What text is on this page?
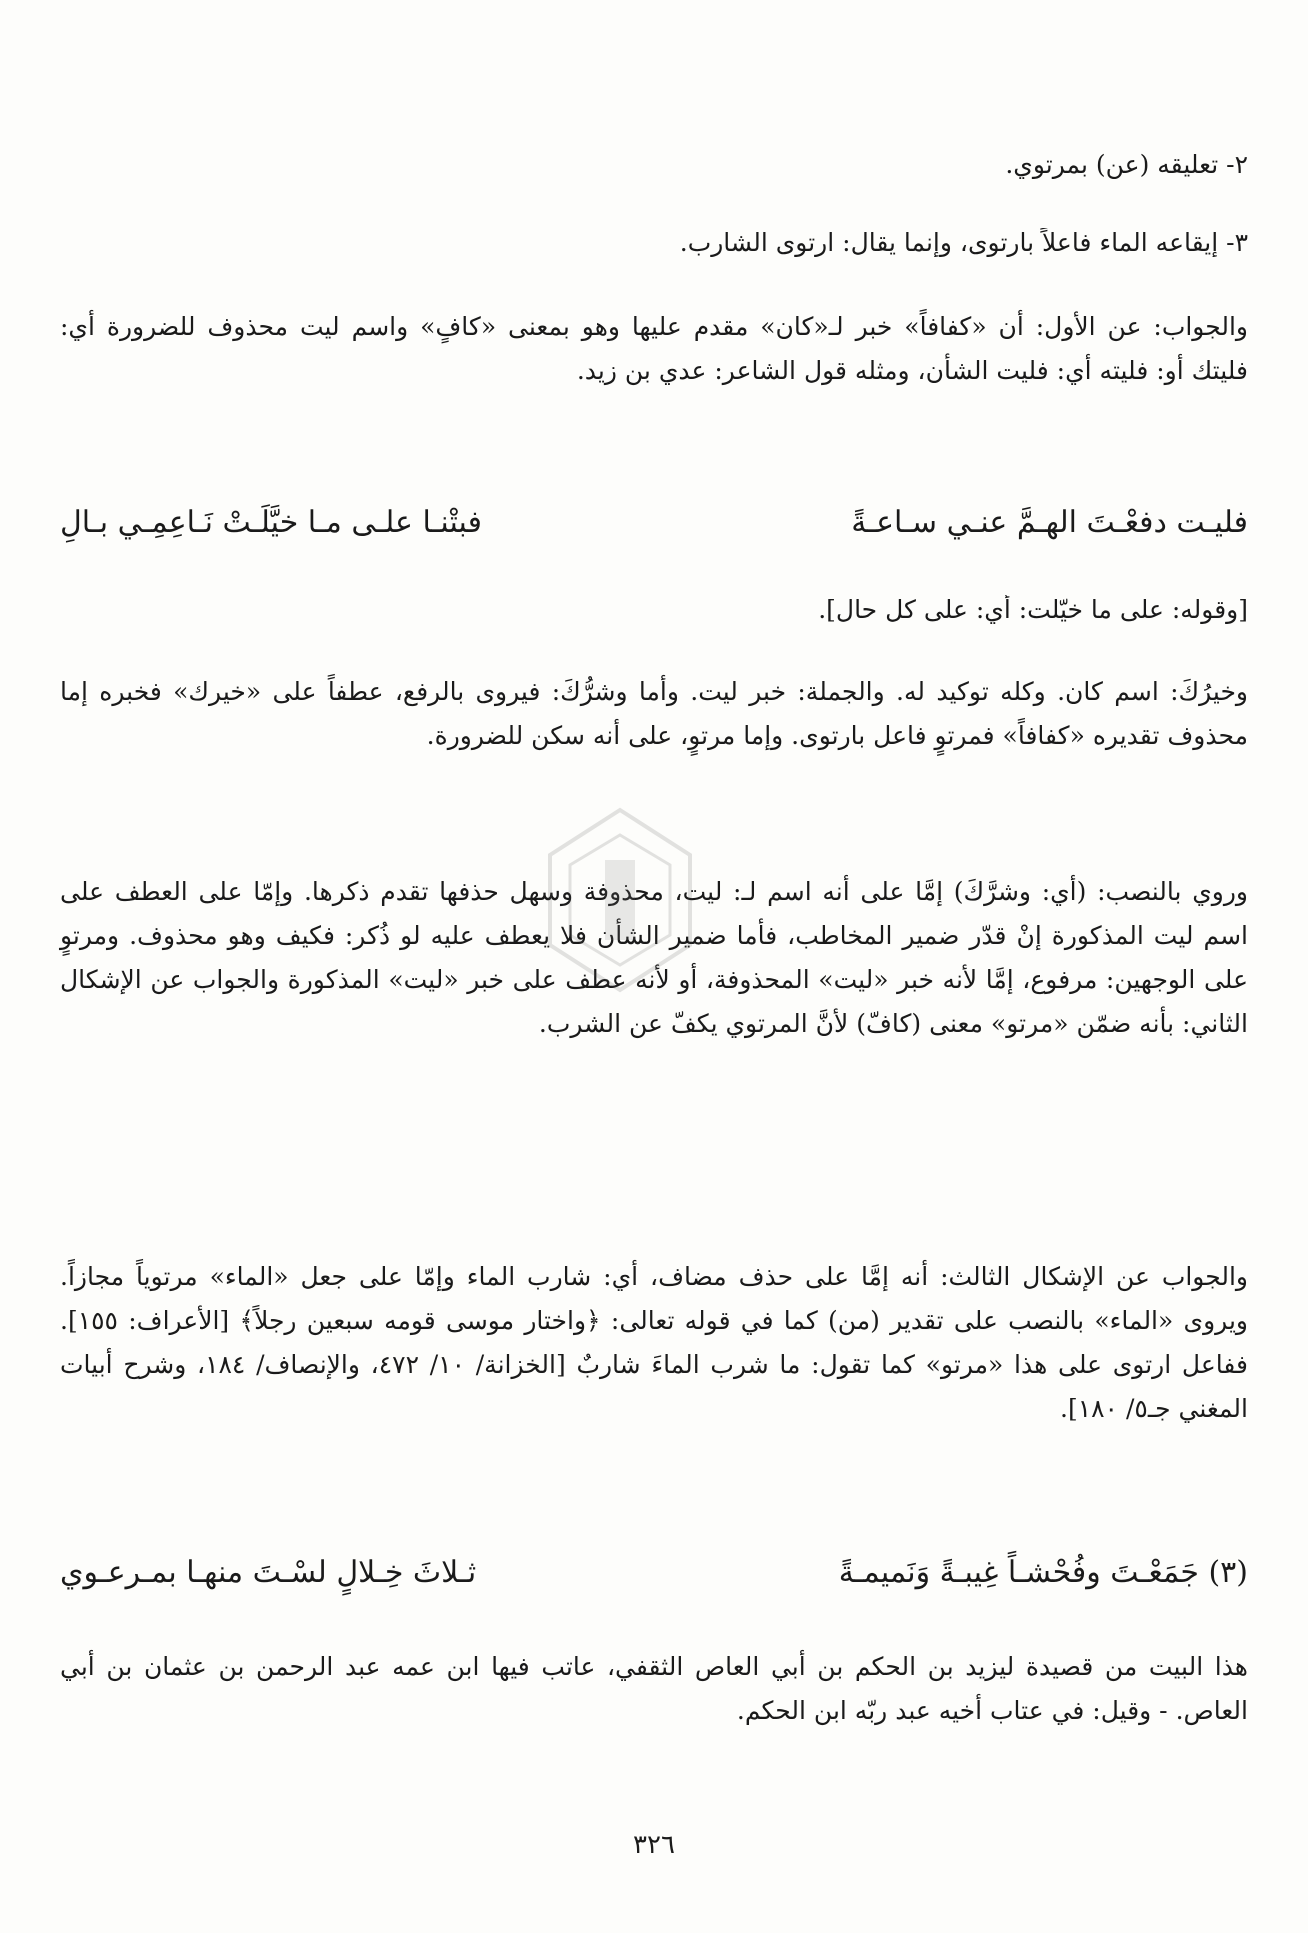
٢- تعليقه (عن) بمرتوي.
٣- إيقاعه الماء فاعلاً بارتوى، وإنما يقال: ارتوى الشارب.
والجواب: عن الأول: أن «كفافاً» خبر لـ«كان» مقدم عليها وهو بمعنى «كافٍ» واسم ليت محذوف للضرورة أي: فليتك أو: فليته أي: فليت الشأن، ومثله قول الشاعر: عدي بن زيد.
فليـت دفعْـتَ الهـمَّ عنـي سـاعـةً
فبتْنـا علـى مـا خيَّلَـتْ نَـاعِمِـي بـالِ
[وقوله: على ما خيّلت: أي: على كل حال].
وخيرُكَ: اسم كان. وكله توكيد له. والجملة: خبر ليت. وأما وشرُّكَ: فيروى بالرفع، عطفاً على «خيرك» فخبره إما محذوف تقديره «كفافاً» فمرتوٍ فاعل بارتوى. وإما مرتوٍ، على أنه سكن للضرورة.
وروي بالنصب: (أي: وشرَّكَ) إمَّا على أنه اسم لـ: ليت، محذوفة وسهل حذفها تقدم ذكرها. وإمّا على العطف على اسم ليت المذكورة إنْ قدّر ضمير المخاطب، فأما ضمير الشأن فلا يعطف عليه لو ذُكر: فكيف وهو محذوف. ومرتوٍ على الوجهين: مرفوع، إمَّا لأنه خبر «ليت» المحذوفة، أو لأنه عطف على خبر «ليت» المذكورة والجواب عن الإشكال الثاني: بأنه ضمّن «مرتو» معنى (كافّ) لأنَّ المرتوي يكفّ عن الشرب.
والجواب عن الإشكال الثالث: أنه إمَّا على حذف مضاف، أي: شارب الماء وإمّا على جعل «الماء» مرتوياً مجازاً. ويروى «الماء» بالنصب على تقدير (من) كما في قوله تعالى: ﴿واختار موسى قومه سبعين رجلاً﴾ [الأعراف: ١٥٥]. ففاعل ارتوى على هذا «مرتو» كما تقول: ما شرب الماءَ شاربٌ [الخزانة/ ١٠/ ٤٧٢، والإنصاف/ ١٨٤، وشرح أبيات المغني جـ٥/ ١٨٠].
(٣) جَمَعْـتَ وفُحْشـاً غِيبـةً وَنَميمـةً
ثـلاثَ خِـلالٍ لسْـتَ منهـا بمـرعـوي
هذا البيت من قصيدة ليزيد بن الحكم بن أبي العاص الثقفي، عاتب فيها ابن عمه عبد الرحمن بن عثمان بن أبي العاص. - وقيل: في عتاب أخيه عبد ربّه ابن الحكم.
٣٢٦
